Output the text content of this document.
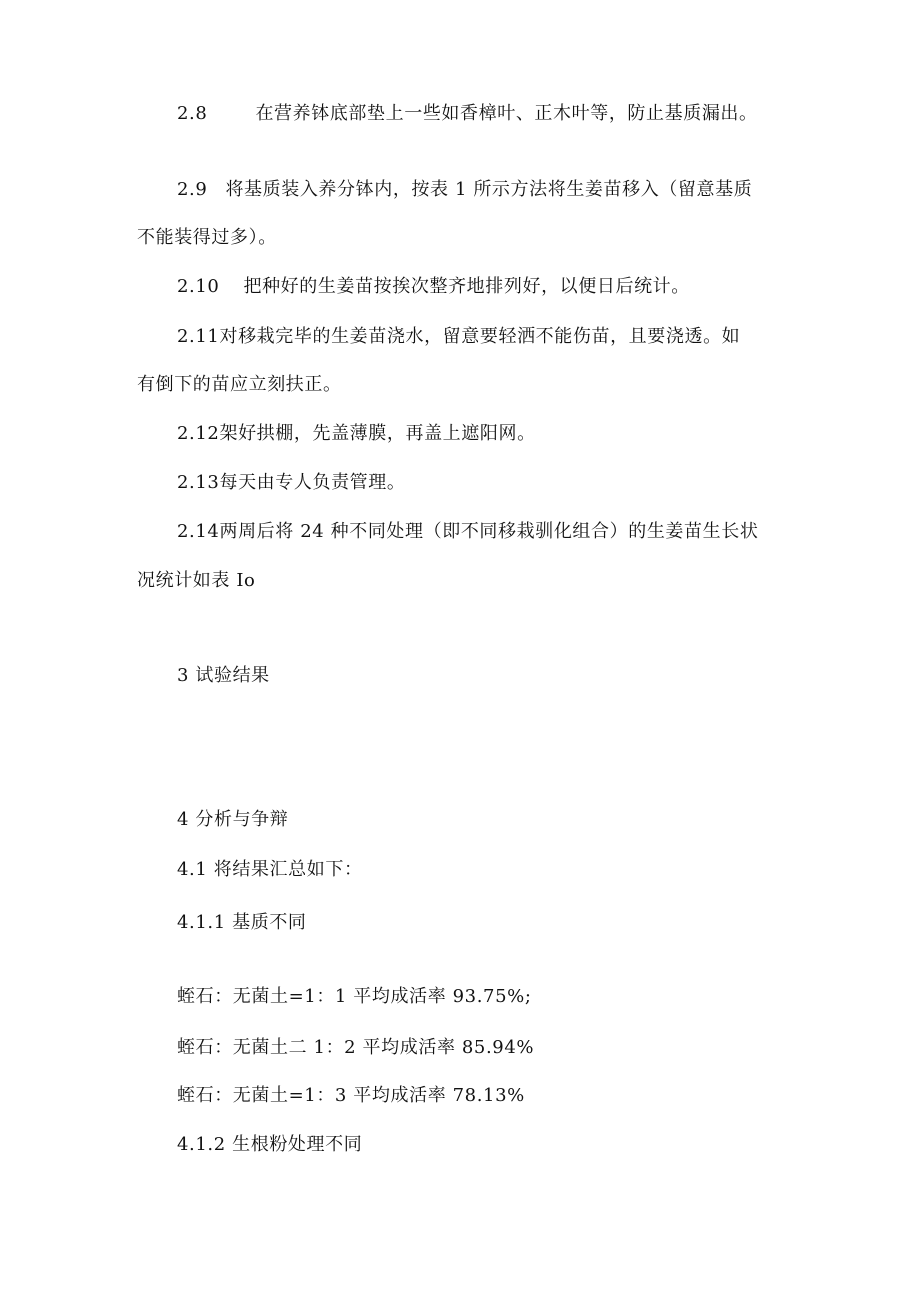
2.8	在营养钵底部垫上一些如香樟叶、正木叶等，防止基质漏出。
2.9 将基质装入养分钵内，按表 1 所示方法将生姜苗移入（留意基质
不能装得过多）。
2.10 把种好的生姜苗按挨次整齐地排列好，以便日后统计。
2.11对移栽完毕的生姜苗浇水，留意要轻洒不能伤苗，且要浇透。如
有倒下的苗应立刻扶正。
2.12架好拱棚，先盖薄膜，再盖上遮阳网。
2.13每天由专人负责管理。
2.14两周后将 24 种不同处理（即不同移栽驯化组合）的生姜苗生长状
况统计如表 Io
3 试验结果
4 分析与争辩
4.1 将结果汇总如下：
4.1.1 基质不同
蛭石：无菌土=1：1 平均成活率 93.75%;
蛭石：无菌土二 1：2 平均成活率 85.94%
蛭石：无菌土=1：3 平均成活率 78.13%
4.1.2 生根粉处理不同
